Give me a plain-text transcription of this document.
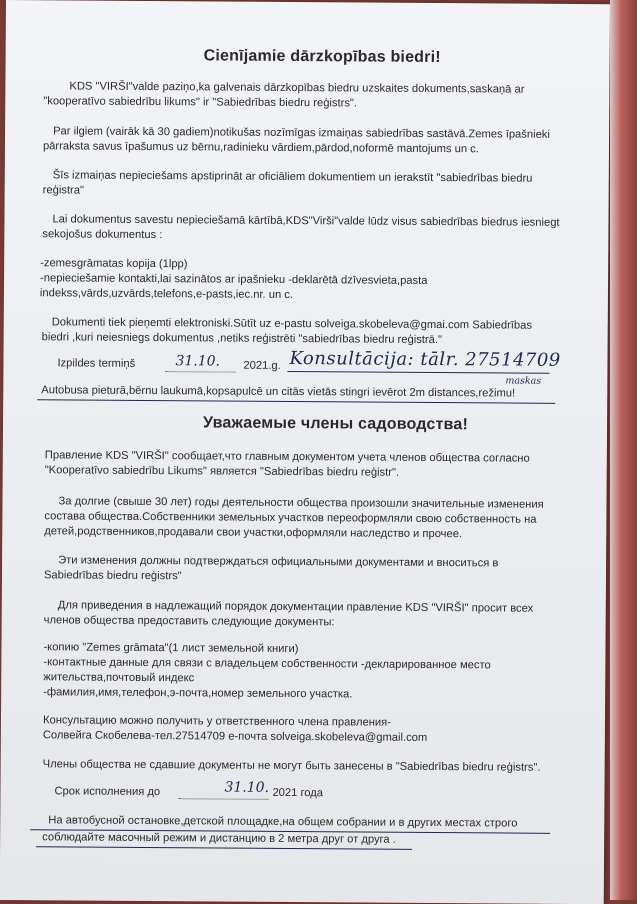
Cienījamie dārzkopības biedri!
KDS "VIRŠI"valde paziņo,ka galvenais dārzkopības biedru uzskaites dokuments,saskaņā ar
"kooperatīvo sabiedrību likums" ir "Sabiedrības biedru reģistrs".
Par ilgiem (vairāk kā 30 gadiem)notikušas nozīmīgas izmaiņas sabiedrības sastāvā.Zemes īpašnieki
pārraksta savus īpašumus uz bērnu,radinieku vārdiem,pārdod,noformē mantojums un c.
Šīs izmaiņas nepieciešams apstiprināt ar oficiāliem dokumentiem un ierakstīt "sabiedrības biedru
reģistra"
Lai dokumentus savestu nepieciešamā kārtībā,KDS"Virši"valde lūdz visus sabiedrības biedrus iesniegt
sekojošus dokumentus :
-zemesgrāmatas kopija (1lpp)
-nepieciešamie kontakti,lai sazinātos ar ipašnieku -deklarētā dzīvesvieta,pasta
indekss,vārds,uzvārds,telefons,e-pasts,iec.nr. un c.
Dokumenti tiek pieņemti elektroniski.Sūtīt uz e-pastu solveiga.skobeleva@gmai.com Sabiedrības
biedri ,kuri neiesniegs dokumentus ,netiks reģistrēti "sabiedrības biedru reģistrā."
Izpildes termiņš	31.10. 2021.g. Konsultācija: tālr. 27514709
maskas
Autobusa pieturā,bērnu laukumā,kopsapulcē un citās vietās stingri ievērot 2m distances,režimu!
Уважаемые члены садоводства!
Правление KDS "VIRŠI" сообщает,что главным документом учета членов общества согласно
"Kooperatīvo sabiedrību Likums" является "Sabiedrības biedru reģistr".
За долгие (свыше 30 лет) годы деятельности общества произошли значительные изменения
состава общества.Собственники земельных участков переоформляли свою собственность на
детей,родственников,продавали свои участки,оформляли наследство и прочее.
Эти изменения должны подтверждаться официальными документами и вноситься в
Sabiedrības biedru reģistrs"
Для приведения в надлежащий порядок документации правление KDS "VIRŠI" просит всех
членов общества предоставить следующие документы:
-копию "Zemes grāmata"(1 лист земельной книги)
-контактные данные для связи с владельцем собственности -декларированное место
жительства,почтовый индекс
-фамилия,имя,телефон,э-почта,номер земельного участка.
Консультацию можно получить у ответственного члена правления-
Солвейга Скобелева-тел.27514709 е-почта solveiga.skobeleva@gmail.com
Члены общества не сдавшие документы не могут быть занесены в "Sabiedrības biedru reģistrs".
Срок исполнения до	31.10. 2021 года
На автобусной остановке,детской площадке,на общем собрании и в других местах строго
соблюдайте масочный режим и дистанцию в 2 метра друг от друга .
